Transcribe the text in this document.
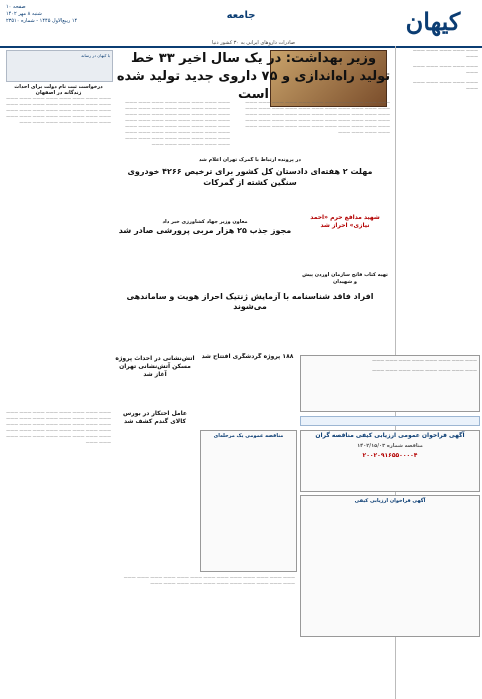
کیهان
جامعه
صفحه ۱۰
شنبه ۸ مهر ۱۴۰۲
۱۴ ربیع‌الاول ۱۴۴۵ - شماره ۲۳۵۱۰
——— ——— ——— ——— ——— ———
——— ——— ——— ——— ——— ———
——— ——— ——— ——— ——— ———
با کیهان در رسانه
صادرات داروهای ایرانی به ۳۰ کشور دنیا
وزیر بهداشت: در یک سال اخیر ۳۳ خط تولید راه‌اندازی و ۷۵ داروی جدید تولید شده است
——— ——— ——— ——— ——— ——— ——— ——— ——— ——— ——— ——— ——— ——— ——— ——— ——— ——— ——— ——— ——— ——— ——— ——— ——— ——— ——— ——— ——— ——— ——— ——— ——— ——— ——— ——— ——— ——— ——— ——— ——— ——— ——— ——— ——— ——— ——— ——— ——— ——— ——— ——— ——— ——— ——— ——— ——— ——— ——— ——— ——— ———
——— ——— ——— ——— ——— ——— ——— ——— ——— ——— ——— ——— ——— ——— ——— ——— ——— ——— ——— ——— ——— ——— ——— ——— ——— ——— ——— ——— ——— ——— ——— ——— ——— ——— ——— ——— ——— ——— ——— ——— ——— ——— ——— ——— ——— ——— ——— ——— ——— ——— ——— ——— ——— ——— ——— ——— ——— ——— ———
در پرونده ارتباط با گمرک تهران اعلام شد
مهلت ۲ هفته‌ای دادستان کل کشور برای ترخیص ۴۲۶۶ خودروی سنگین کشته از گمرکات
شهید مدافع حرم «احمد نیازی» احراز شد
تهیه کتاب فاتح سازمان آوردن پیش و شهیدان
معاون وزیر جهاد کشاورزی خبر داد
مجوز جذب ۲۵ هزار مربی پرورشی صادر شد
افراد فاقد شناسنامه با آزمایش ژنتیک احراز هویت و ساماندهی می‌شوند
درخواست ثبت نام دولت برای احداث زندگانه در اصفهان
——— ——— ——— ——— ——— ——— ——— ——— ——— ——— ——— ——— ——— ——— ——— ——— ——— ——— ——— ——— ——— ——— ——— ——— ——— ——— ——— ——— ——— ——— ——— ——— ——— ——— ——— ——— ——— ——— ———
۱۸۸ پروژه گردشگری افتتاح شد
آتش‌نشانی در احداث پروژه مسکن آتش‌نشانی تهران آغاز شد
عامل احتکار در بورس کالای گندم کشف شد
——— ——— ——— ——— ——— ——— ——— ———
——— ——— ——— ——— ——— ——— ——— ———
آگهی فراخوان عمومی ارزیابی کیفی مناقصه گران
مناقصه شماره ۱۴۰۲/۱۵/۰۳
۲۰۰۲۰۹۱۶۵۵۰۰۰۰۴
مناقصه عمومی یک مرحله‌ای
آگهی فراخوان ارزیابی کیفی
——— ——— ——— ——— ——— ——— ——— ——— ——— ——— ——— ——— ——— ——— ——— ——— ——— ——— ——— ——— ——— ——— ——— ——— ——— ——— ——— ——— ——— ——— ——— ——— ——— ——— ——— ——— ——— ——— ——— ——— ——— ———
——— ——— ——— ——— ——— ——— ——— ——— ——— ——— ——— ——— ——— ——— ——— ——— ——— ——— ——— ——— ——— ——— ——— ———
